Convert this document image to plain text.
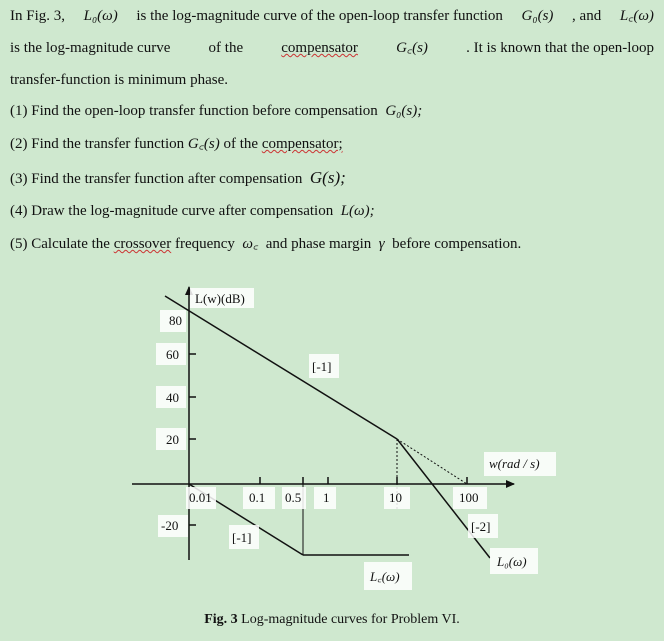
In Fig. 3, L₀(ω) is the log-magnitude curve of the open-loop transfer function G₀(s) , and L꜀(ω)
is the log-magnitude curve	of the	compensator	G꜀(s)	. It is known that the open-loop
transfer-function is minimum phase.
(1) Find the open-loop transfer function before compensation G₀(s);
(2) Find the transfer function G꜀(s) of the compensator;
(3) Find the transfer function after compensation G(s);
(4) Draw the log-magnitude curve after compensation L(ω);
(5) Calculate the crossover frequency ω꜀ and phase margin γ before compensation.
L(w)(dB)
80
60
40
20
-20
0.01	0.1 0.5 1	10	100
w(rad / s)
[-1]
[-2]
[-1]
L₀(ω)
L꜀(ω)
Fig. 3 Log-magnitude curves for Problem VI.
